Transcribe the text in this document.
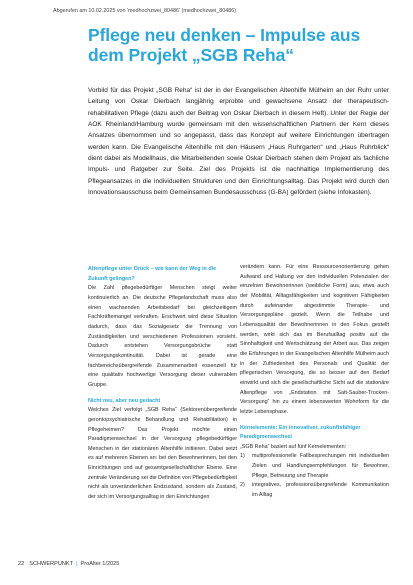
Abgerufen am 10.02.2025 von 'medhochzwei_80486' (medhochzwei_80486)
Pflege neu denken – Impulse aus
dem Projekt „SGB Reha“

Vorbild für das Projekt „SGB Reha“ ist der in der Evangelischen Altenhilfe Mülheim an der Ruhr unter Leitung von Oskar Dierbach langjährig erprobte und gewachsene Ansatz der therapeutisch-rehabilitativen Pflege (dazu auch der Beitrag von Oskar Dierbach in diesem Heft). Unter der Regie der AOK Rheinland/Hamburg wurde gemeinsam mit den wissenschaftlichen Partnern der Kern dieses Ansatzes übernommen und so angepasst, dass das Konzept auf weitere Einrichtungen übertragen werden kann. Die Evangelische Altenhilfe mit den Häusern „Haus Ruhrgarten“ und „Haus Ruhrblick“ dient dabei als Modellhaus, die Mitarbeitenden sowie Oskar Dierbach stehen dem Projekt als fachliche Impuls- und Ratgeber zur Seite. Ziel des Projekts ist die nachhaltige Implementierung des Pflegeansatzes in die individuellen Strukturen und den Einrichtungsalltag. Das Projekt wird durch den Innovationsausschuss beim Gemeinsamen Bundesausschuss (G-BA) gefördert (siehe Infokasten).

Altenpflege unter Druck – wie kann der Weg in die Zukunft gelingen?

Die Zahl pflegebedürftiger Menschen steigt weiter kontinuierlich an. Die deutsche Pflegelandschaft muss also einen wachsenden Arbeitsbedarf bei gleichzeitigem Fachkräftemangel verkraften. Erschwert wird diese Situation dadurch, dass das Sozialgesetz die Trennung von Zuständigkeiten und verschiedenen Professionen vorsieht. Dadurch entstehen Versorgungsbrüche statt Versorgungskontinuität. Dabei ist gerade eine fachbereichsübergreifende Zusammenarbeit essenziell für eine qualitativ hochwertige Versorgung dieser vulnerablen Gruppe.

Nicht neu, aber neu gedacht

Welches Ziel verfolgt „SGB Reha“ (Sektorenübergreifende gerontopsychiatrische Behandlung und Rehabilitation) in Pflegeheimen? Das Projekt möchte einen Paradigmenwechsel in der Versorgung pflegebedürftiger Menschen in der stationären Altenhilfe initiieren. Dabei setzt es auf mehreren Ebenen an: bei den Bewohnerinnen, bei den Einrichtungen und auf gesamtgesellschaftlicher Ebene. Eine zentrale Veränderung sei die Definition von Pflegebedürftigkeit nicht als unveränderlichen Endzustand, sondern als Zustand, der sich im Versorgungsalltag in den Einrichtungen

verändern kann. Für eine Ressourcenorientierung gehen Aufwand und Haltung vor den individuellen Potenzialen der einzelnen Bewohnerinnen (weibliche Form) aus, etwa auch der Mobilität, Alltagsfähigkeiten und kognitiven Fähigkeiten durch aufeinander abgestimmte Therapie- und Versorgungspläne gezielt. Wenn die Teilhabe und Lebensqualität der Bewohnerinnen in den Fokus gestellt werden, wirkt sich das im Berufsalltag positiv auf die Sinnhaftigkeit und Wertschätzung der Arbeit aus. Das zeigen die Erfahrungen in der Evangelischen Altenhilfe Mülheim auch in der Zufriedenheit des Personals und Qualität der pflegerischen Versorgung, die so besser auf den Bedarf einwirkt und sich die gesellschaftliche Sicht auf die stationäre Altenpflege von „Endstation mit Satt-Sauber-Trocken-Versorgung“ hin zu einem lebenswerten Wohnform für die letzte Lebensphase.

Kernelemente: Ein innovativer, zukunftsfähiger Paradigmenwechsel

„SGB Reha“ basiert auf fünf Kernelementen:

1)	multiprofessionelle Fallbesprechungen mit individuellen Zielen und Handlungsempfehlungen für Bewohner, Pflege, Betreuung und Therapie
2)	integratives, professionsübergreifende Kommunikation im Alltag
22 SCHWERPUNKT | ProAlter 1/2025
